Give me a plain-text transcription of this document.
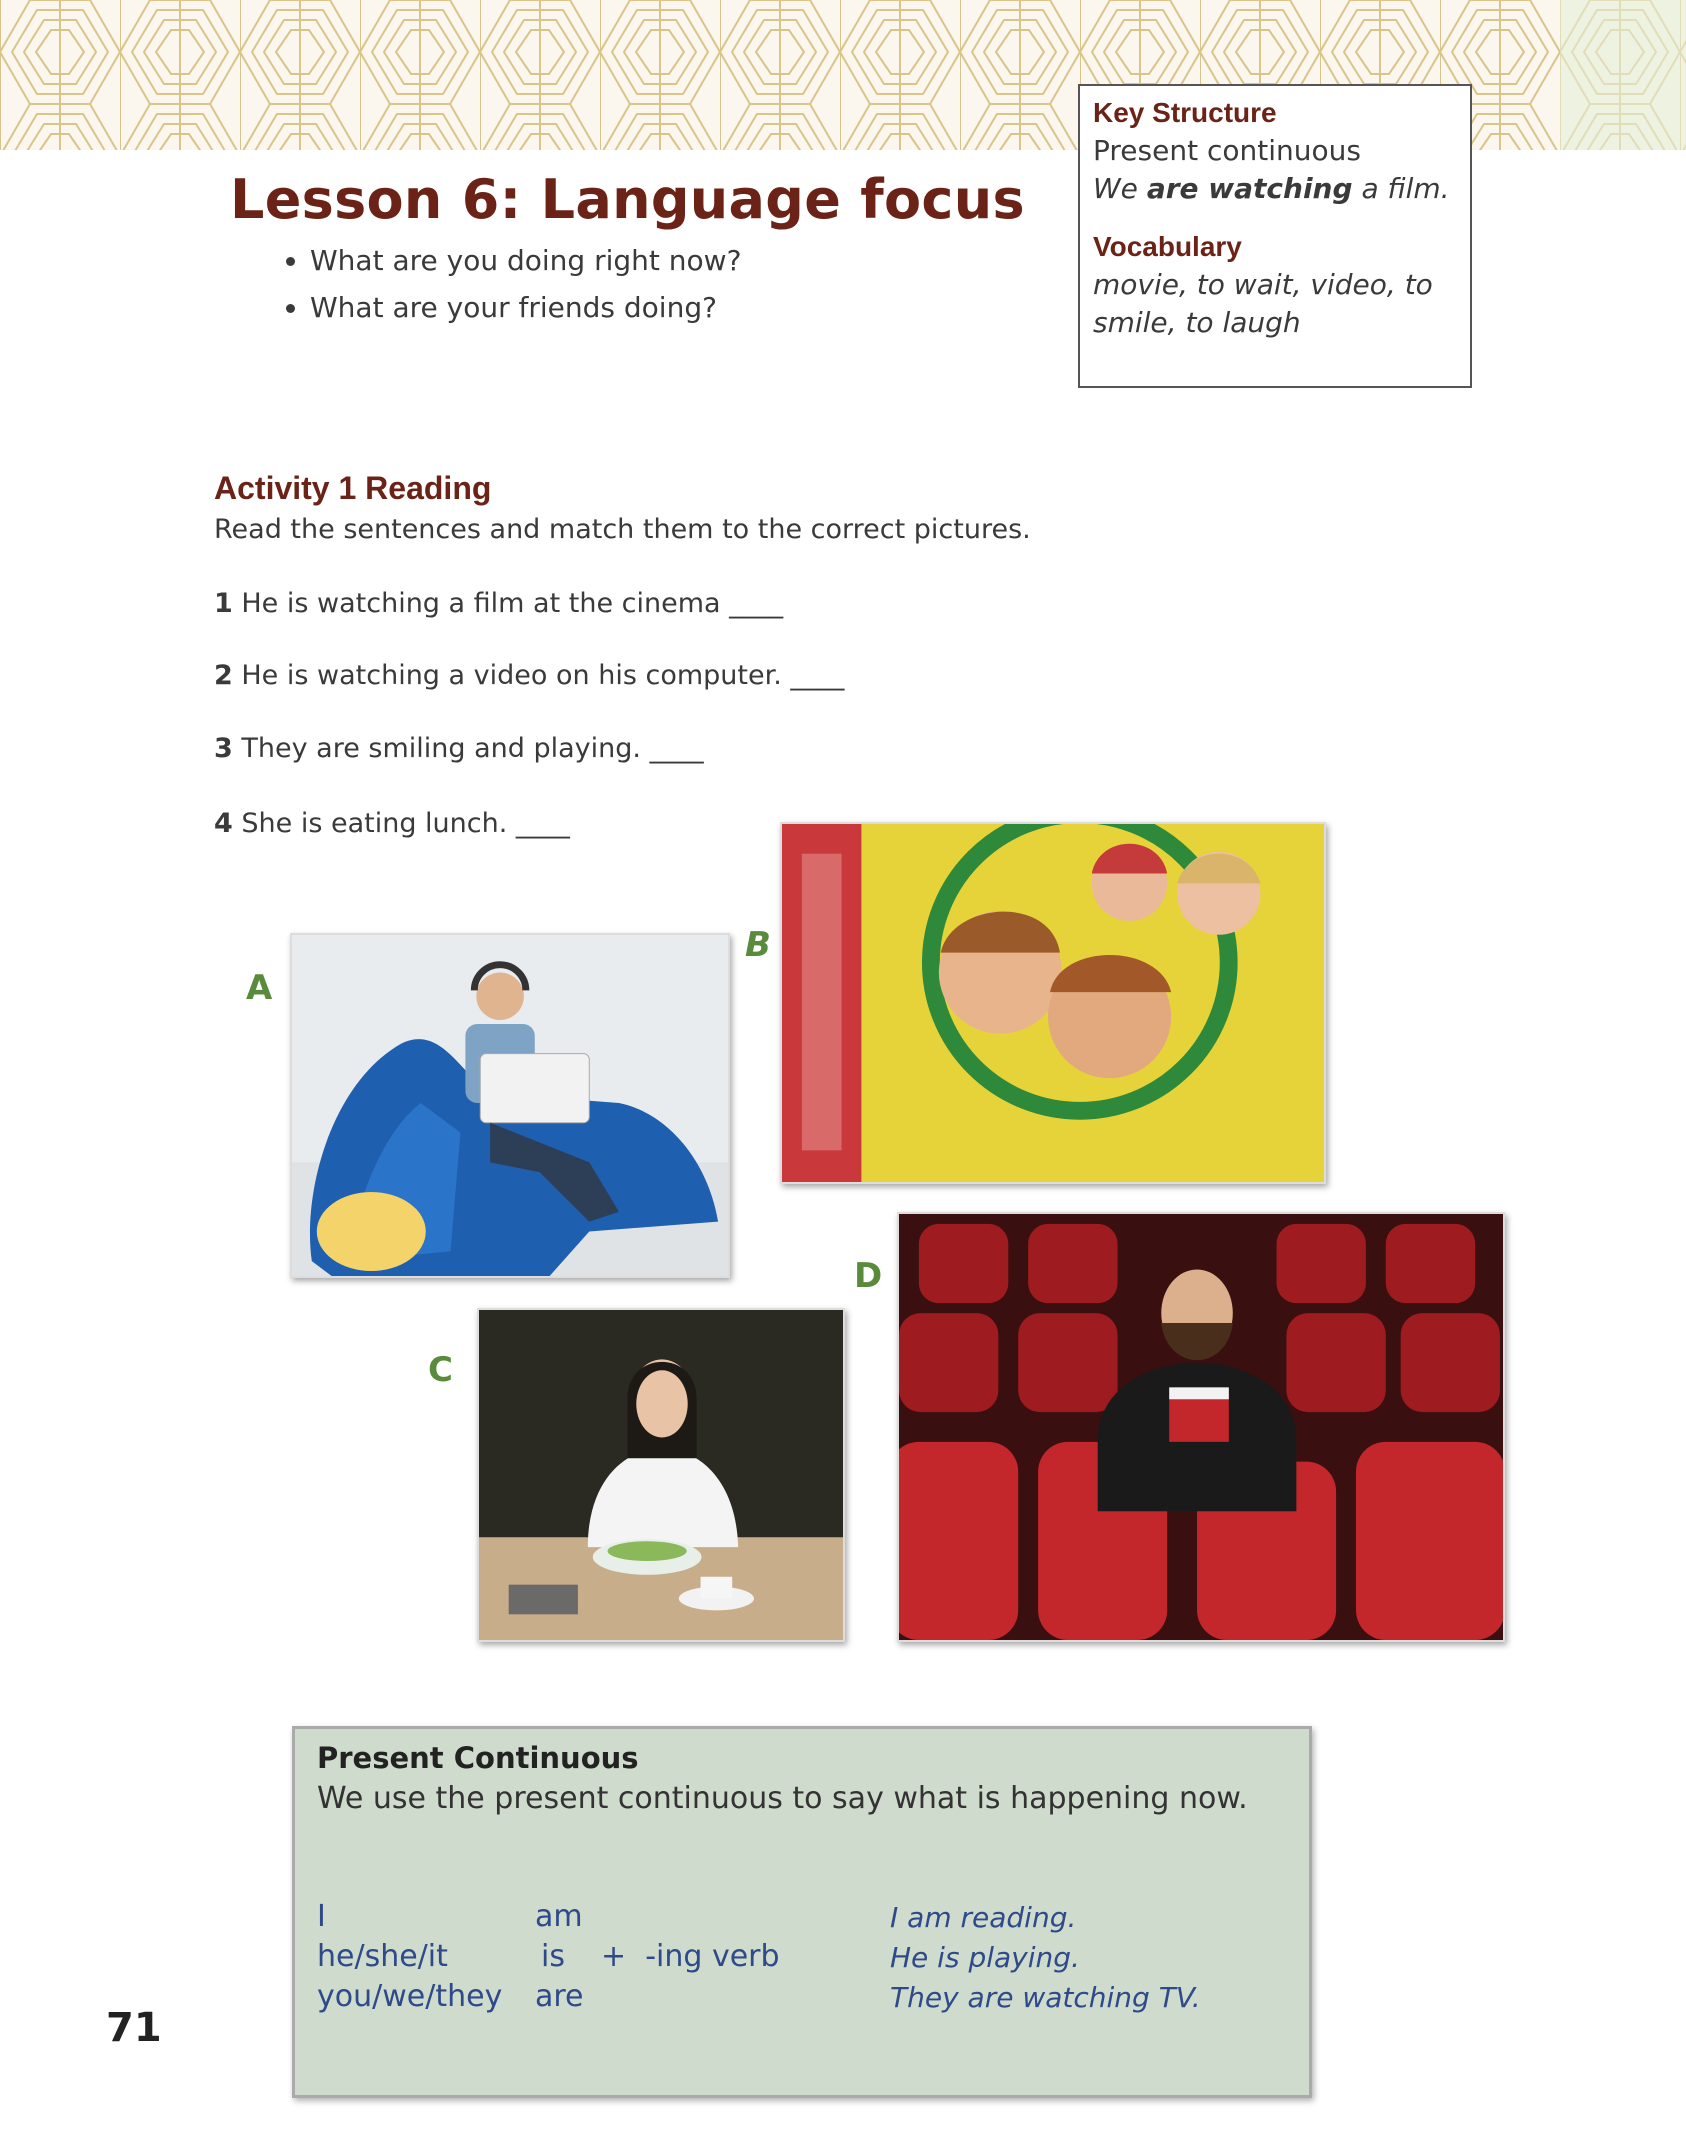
Lesson 6: Language focus
• What are you doing right now?
• What are your friends doing?
Key Structure
Present continuous
We are watching a film.
Vocabulary
movie, to wait, video, to
smile, to laugh
Activity 1 Reading

Read the sentences and match them to the correct pictures.

1 He is watching a film at the cinema ____

2 He is watching a video on his computer. ____

3 They are smiling and playing. ____

4 She is eating lunch. ____

A
B
C
D

Present Continuous

We use the present continuous to say what is happening now.

I
he/she/it
you/we/they
am
is
are
+  -ing verb
I am reading.
He is playing.
They are watching TV.
71
